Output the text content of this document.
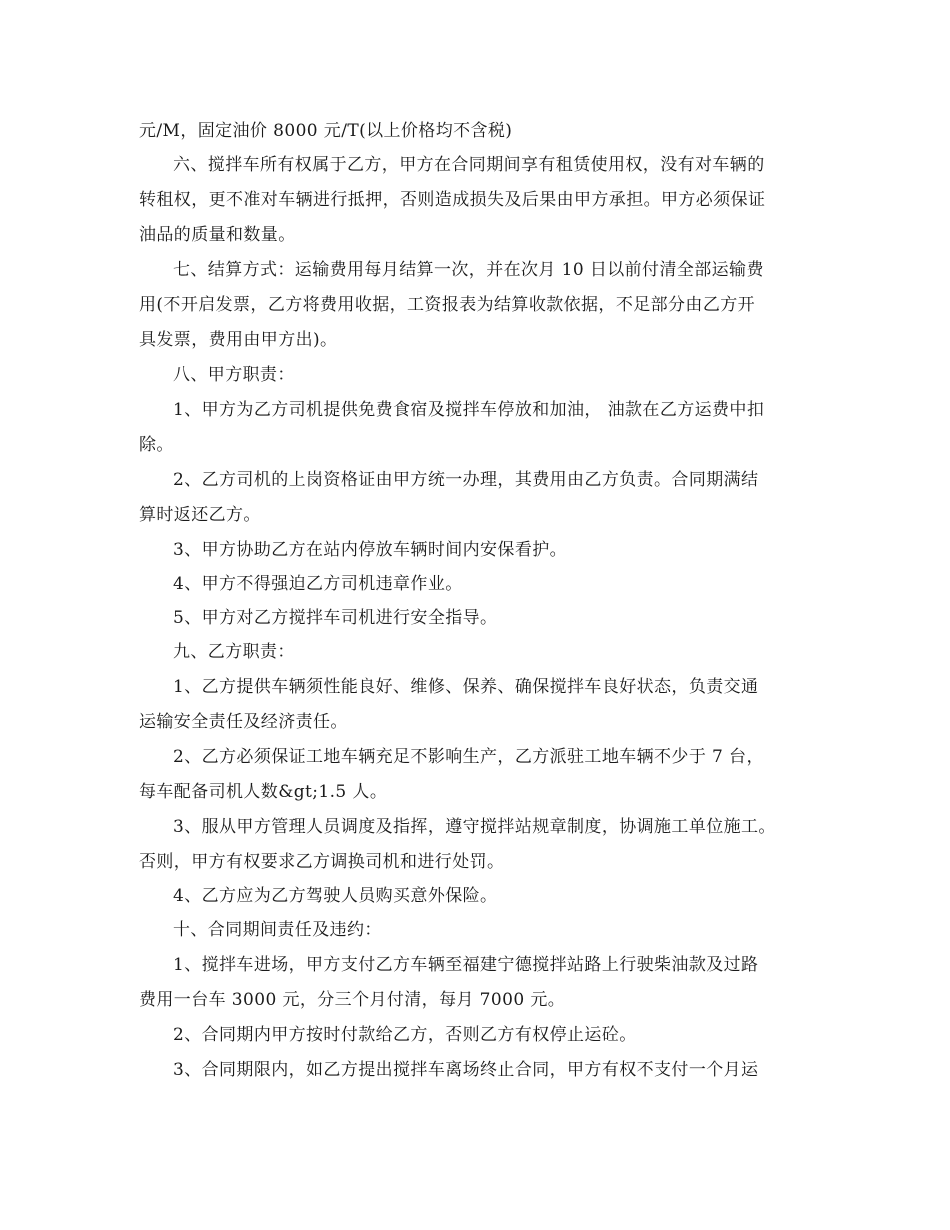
元/M，固定油价 8000 元/T(以上价格均不含税)

六、搅拌车所有权属于乙方，甲方在合同期间享有租赁使用权，没有对车辆的

转租权，更不准对车辆进行抵押，否则造成损失及后果由甲方承担。甲方必须保证

油品的质量和数量。

七、结算方式：运输费用每月结算一次，并在次月 10 日以前付清全部运输费

用(不开启发票，乙方将费用收据，工资报表为结算收款依据，不足部分由乙方开

具发票，费用由甲方出)。

八、甲方职责：

1、甲方为乙方司机提供免费食宿及搅拌车停放和加油， 油款在乙方运费中扣

除。

2、乙方司机的上岗资格证由甲方统一办理，其费用由乙方负责。合同期满结

算时返还乙方。

3、甲方协助乙方在站内停放车辆时间内安保看护。

4、甲方不得强迫乙方司机违章作业。

5、甲方对乙方搅拌车司机进行安全指导。

九、乙方职责：

1、乙方提供车辆须性能良好、维修、保养、确保搅拌车良好状态，负责交通

运输安全责任及经济责任。

2、乙方必须保证工地车辆充足不影响生产，乙方派驻工地车辆不少于 7 台，

每车配备司机人数&gt;1.5 人。

3、服从甲方管理人员调度及指挥，遵守搅拌站规章制度，协调施工单位施工。

否则，甲方有权要求乙方调换司机和进行处罚。

4、乙方应为乙方驾驶人员购买意外保险。

十、合同期间责任及违约：

1、搅拌车进场，甲方支付乙方车辆至福建宁德搅拌站路上行驶柴油款及过路

费用一台车 3000 元，分三个月付清，每月 7000 元。

2、合同期内甲方按时付款给乙方，否则乙方有权停止运砼。

3、合同期限内，如乙方提出搅拌车离场终止合同，甲方有权不支付一个月运
